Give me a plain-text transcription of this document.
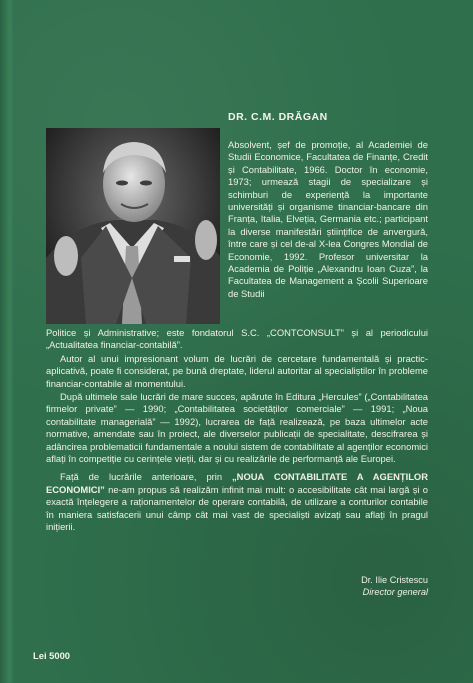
DR. C.M. DRĂGAN

Absolvent, șef de promoție, al Academiei de Studii Economice, Facultatea de Finanțe, Credit și Contabilitate, 1966. Doctor în economie, 1973; urmează stagii de specializare și schimburi de experiență la importante universități și organisme tinanciar-bancare din Franța, Italia, Elveția, Germania etc.; participant la diverse manifestări științifice de anvergură, între care și cel de-al X-lea Congres Mondial de Economie, 1992. Profesor universitar la Academia de Poliție „Alexandru Ioan Cuza”, la Facultatea de Management a Școlii Superioare de Studii

Politice și Administrative; este fondatorul S.C. „CONTCONSULT” și al periodicului „Actualitatea financiar-contabilă”.

Autor al unui impresionant volum de lucrări de cercetare fundamentală și practic-aplicativă, poate fi considerat, pe bună dreptate, liderul autoritar al specialiștilor în probleme financiar-contabile al momentului.

După ultimele sale lucrări de mare succes, apărute în Editura „Hercules” („Contabilitatea firmelor private” — 1990; „Contabilitatea societăților comerciale” — 1991; „Noua contabilitate managerială” — 1992), lucrarea de față realizează, pe baza ultimelor acte normative, amendate sau în proiect, ale diverselor publicații de specialitate, descifrarea și adâncirea problematicii fundamentale a noului sistem de contabilitate al agenților economici aflați în competiție cu cerințele vieții, dar și cu realizările de performanță ale Europei.

Față de lucrările anterioare, prin „NOUA CONTABILITATE A AGENȚILOR ECONOMICI” ne-am propus să realizăm infinit mai mult: o accesibilitate cât mai largă și o exactă înțelegere a raționamentelor de operare contabilă, de utilizare a conturilor contabile în maniera satisfacerii unui câmp cât mai vast de specialiști avizați sau aflați în pragul inițierii.

Dr. Ilie Cristescu
Director general
Lei 5000
